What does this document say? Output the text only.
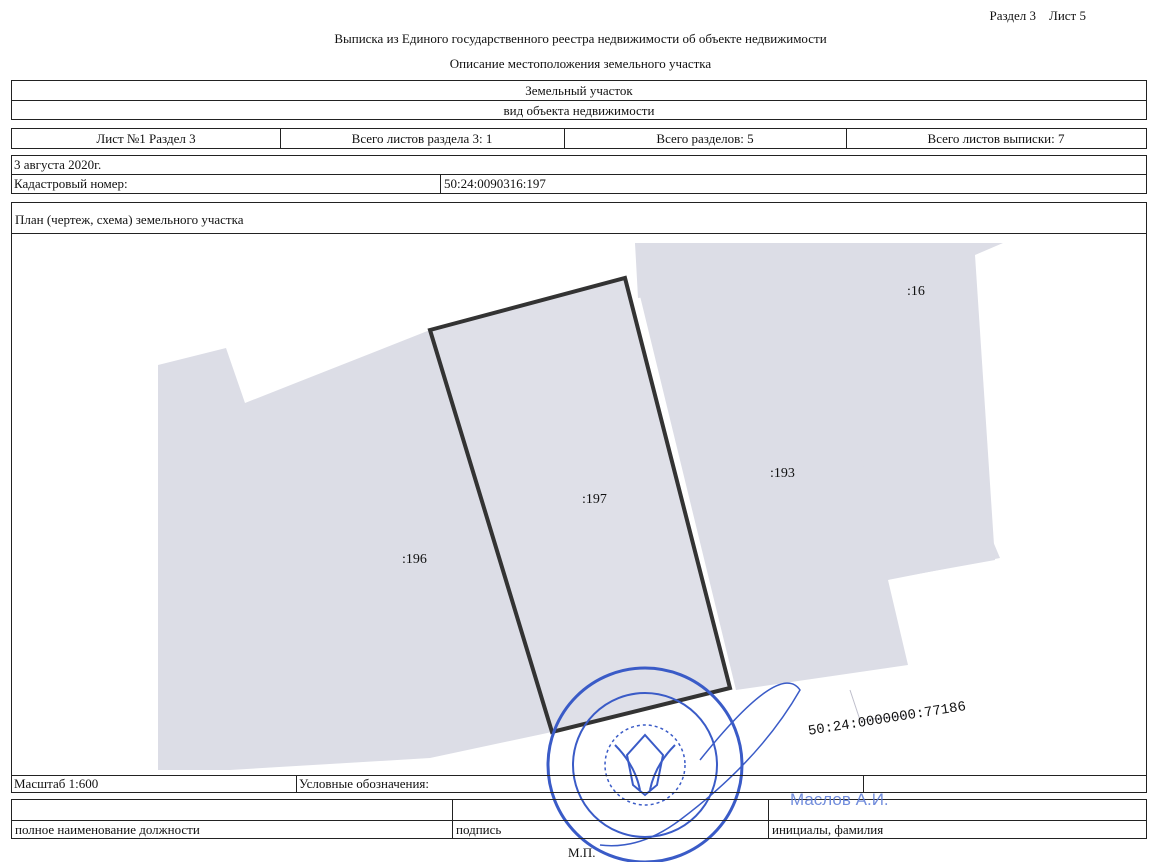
Раздел 3 Лист 5
Выписка из Единого государственного реестра недвижимости об объекте недвижимости
Описание местоположения земельного участка
Земельный участок
вид объекта недвижимости
Лист №1 Раздел 3	Всего листов раздела 3: 1	Всего разделов: 5	Всего листов выписки: 7
3 августа 2020г.
Кадастровый номер:	50:24:0090316:197
План (чертеж, схема) земельного участка
:16
:193
:197
:196
50:24:0000000:77186
Масштаб 1:600	Условные обозначения:
полное наименование должности	подпись	инициалы, фамилия
Маслов А.И.
М.П.
